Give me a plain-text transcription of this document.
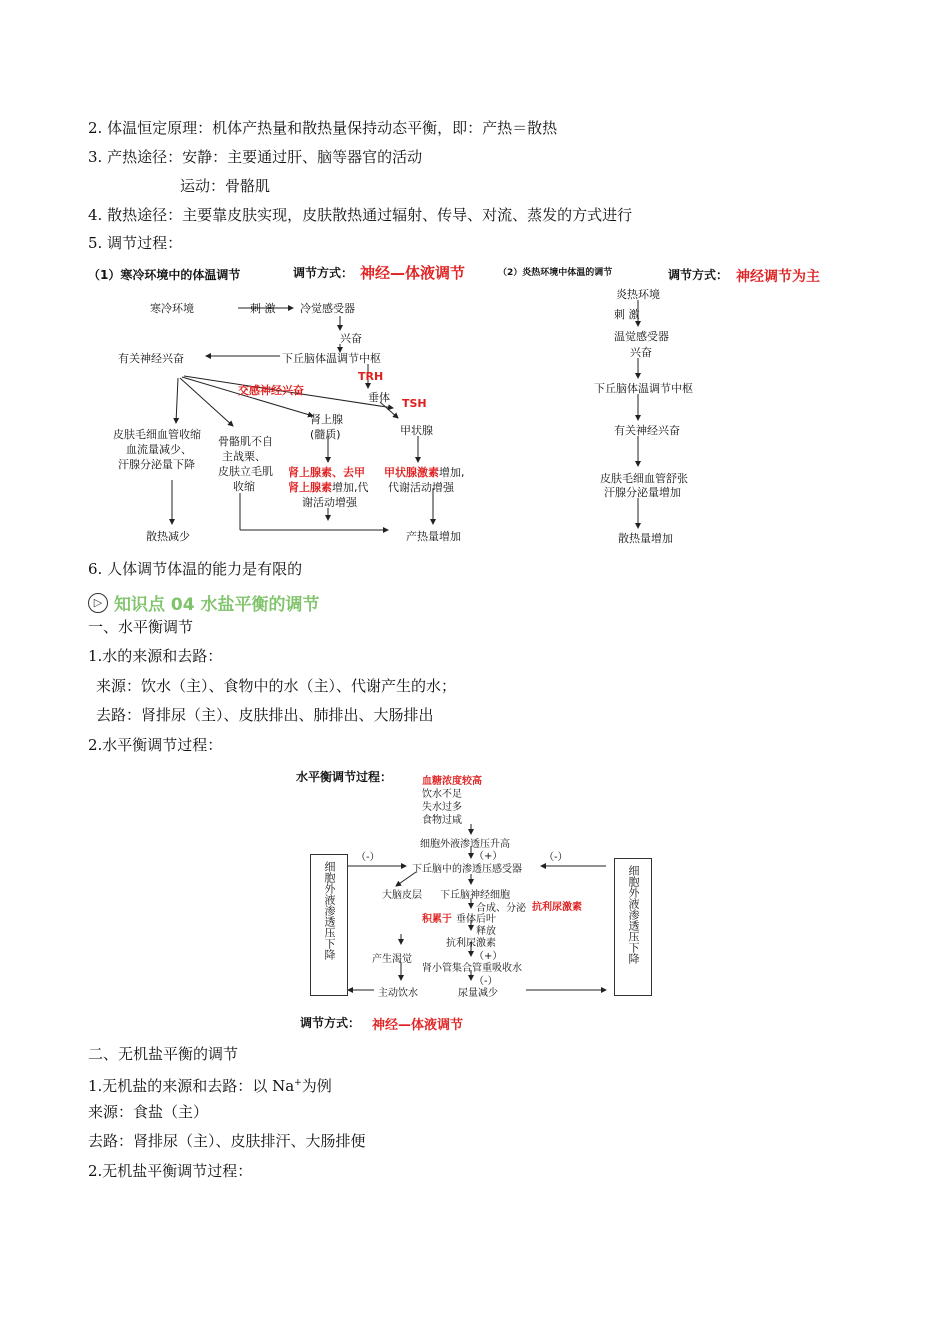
2. 体温恒定原理：机体产热量和散热量保持动态平衡，即：产热＝散热
3. 产热途径：安静：主要通过肝、脑等器官的活动
运动：骨骼肌
4. 散热途径：主要靠皮肤实现，皮肤散热通过辐射、传导、对流、蒸发的方式进行
5. 调节过程：
（1）寒冷环境中的体温调节	调节方式： 神经—体液调节
寒冷环境	刺 激 冷觉感受器
兴奋
有关神经兴奋	下丘脑体温调节中枢
TRH
垂体 TSH
交感神经兴奋
肾上腺
(髓质)	甲状腺
皮肤毛细血管收缩
血流量减少、
汗腺分泌量下降
骨骼肌不自
主战栗、
皮肤立毛肌
收缩
肾上腺素、去甲
肾上腺素增加,代
谢活动增强
甲状腺激素增加,
代谢活动增强
散热减少	产热量增加
（2）炎热环境中体温的调节	调节方式： 神经调节为主
炎热环境
刺 激
温觉感受器
兴奋
下丘脑体温调节中枢
有关神经兴奋
皮肤毛细血管舒张
汗腺分泌量增加
散热量增加
6. 人体调节体温的能力是有限的
▷ 知识点 04 水盐平衡的调节
一、水平衡调节
1.水的来源和去路：
来源：饮水（主）、食物中的水（主）、代谢产生的水；
去路：肾排尿（主）、皮肤排出、肺排出、大肠排出
2.水平衡调节过程：
水平衡调节过程：	血糖浓度较高
饮水不足
失水过多
食物过咸
细胞外液渗透压升高
（+）
（-）	（-）
下丘脑中的渗透压感受器
大脑皮层 下丘脑神经细胞
合成、分泌 抗利尿激素
积累于 垂体后叶
释放
抗利尿激素
（+）
产生渴觉
肾小管集合管重吸收水
（-）
主动饮水	尿量减少
细胞外液渗透压下降	细胞外液渗透压下降
调节方式： 神经—体液调节
二、无机盐平衡的调节
1.无机盐的来源和去路：以 Na+为例
来源：食盐（主）
去路：肾排尿（主）、皮肤排汗、大肠排便
2.无机盐平衡调节过程：
